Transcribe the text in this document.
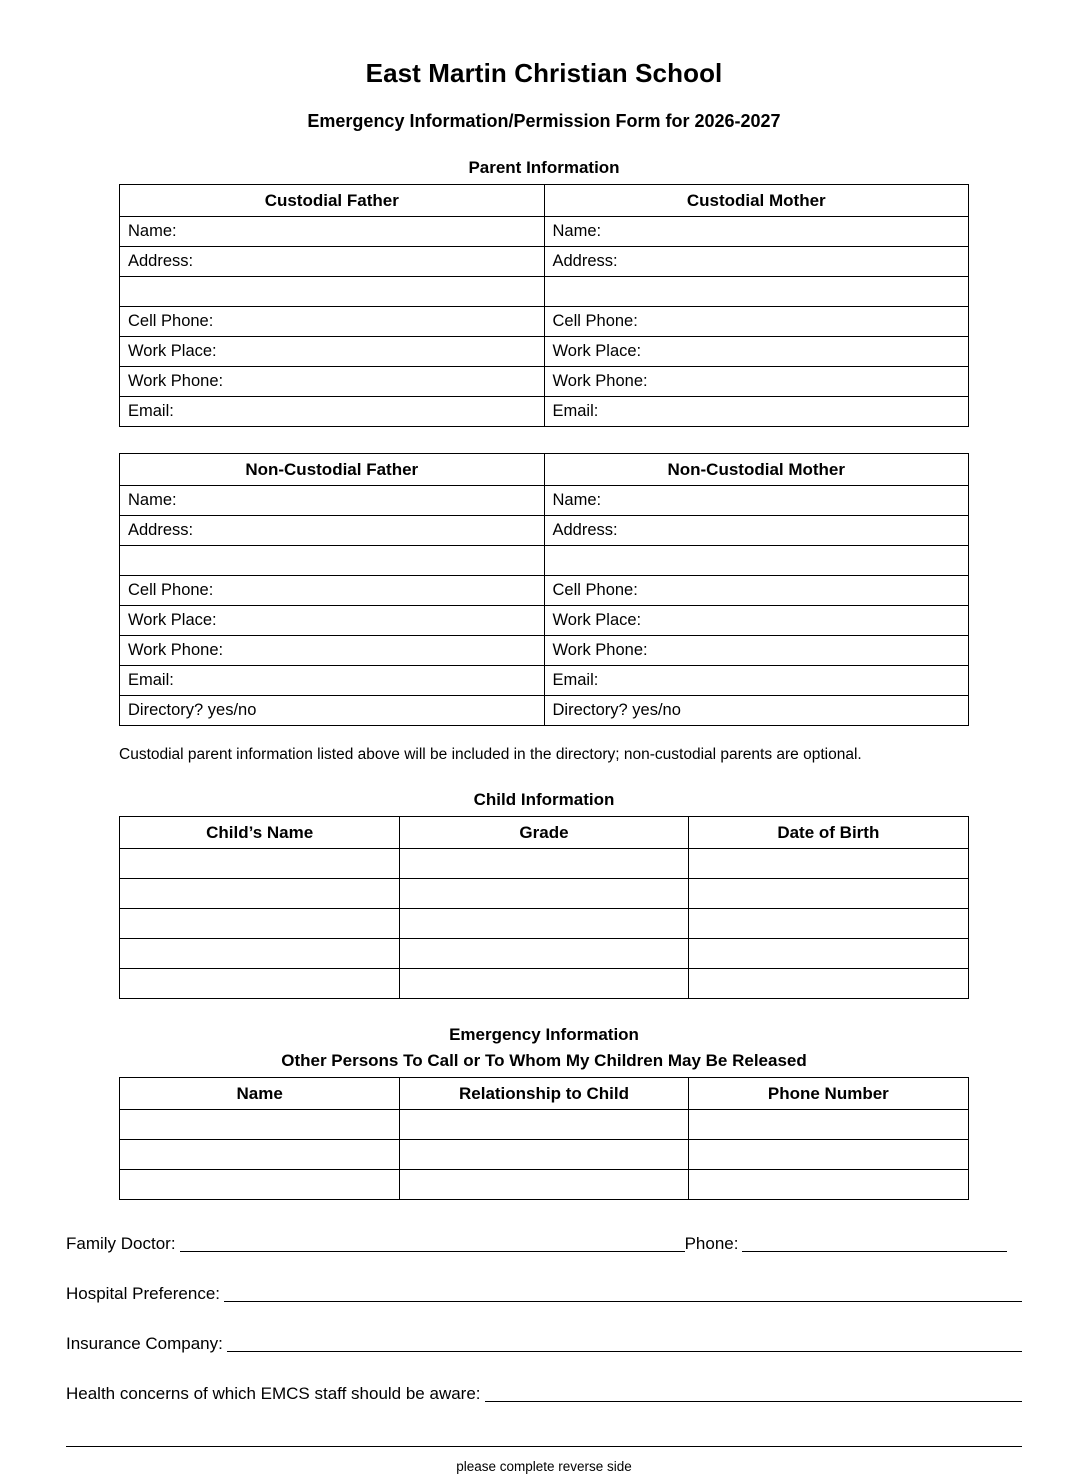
East Martin Christian School
Emergency Information/Permission Form for 2026-2027
Parent Information
Custodial Father	Custodial Mother
Name:	Name:
Address:	Address:

Cell Phone:	Cell Phone:
Work Place:	Work Place:
Work Phone:	Work Phone:
Email:	Email:
Non-Custodial Father	Non-Custodial Mother
Name:	Name:
Address:	Address:

Cell Phone:	Cell Phone:
Work Place:	Work Place:
Work Phone:	Work Phone:
Email:	Email:
Directory? yes/no	Directory? yes/no
Custodial parent information listed above will be included in the directory; non-custodial parents are optional.
Child Information
Child’s Name	Grade	Date of Birth

Emergency Information
Other Persons To Call or To Whom My Children May Be Released
Name	Relationship to Child	Phone Number

Family Doctor:	Phone:
Hospital Preference:
Insurance Company:
Health concerns of which EMCS staff should be aware:
please complete reverse side
